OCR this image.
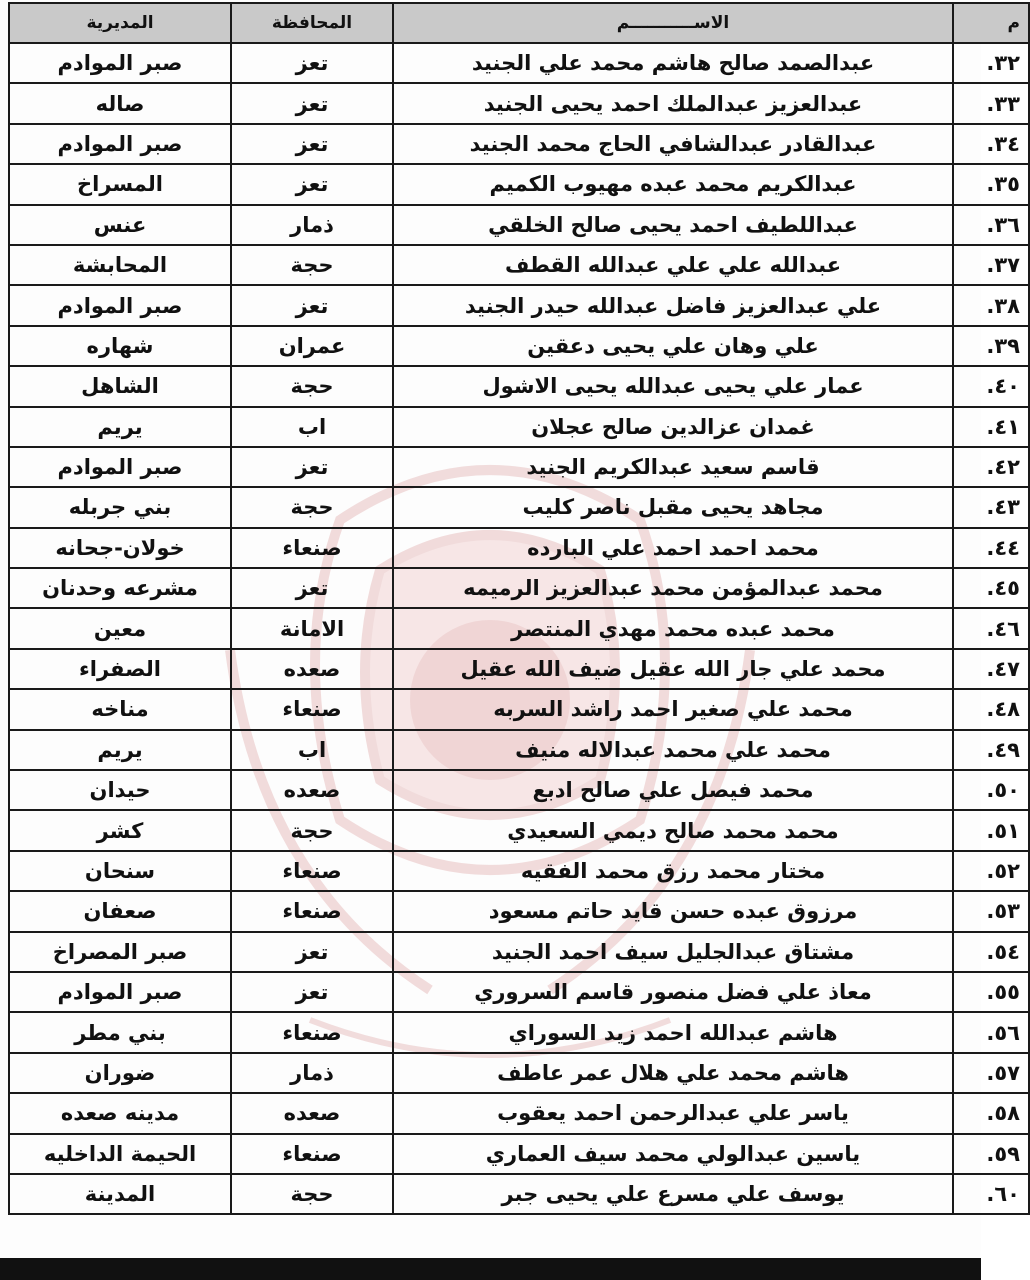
م	الاســـــــــــم	المحافظة	المديرية
٣٢.	عبدالصمد صالح هاشم محمد علي الجنيد	تعز	صبر الموادم
٣٣.	عبدالعزيز عبدالملك احمد يحيى الجنيد	تعز	صاله
٣٤.	عبدالقادر عبدالشافي الحاج محمد الجنيد	تعز	صبر الموادم
٣٥.	عبدالكريم محمد عبده مهيوب الكميم	تعز	المسراخ
٣٦.	عبداللطيف احمد يحيى صالح الخلقي	ذمار	عنس
٣٧.	عبدالله علي علي عبدالله القطف	حجة	المحابشة
٣٨.	علي عبدالعزيز فاضل عبدالله حيدر الجنيد	تعز	صبر الموادم
٣٩.	علي وهان علي يحيى دعقين	عمران	شهاره
٤٠.	عمار علي يحيى عبدالله يحيى الاشول	حجة	الشاهل
٤١.	غمدان عزالدين صالح عجلان	اب	يريم
٤٢.	قاسم سعيد عبدالكريم الجنيد	تعز	صبر الموادم
٤٣.	مجاهد يحيى مقبل ناصر كليب	حجة	بني جربله
٤٤.	محمد احمد احمد علي البارده	صنعاء	خولان-جحانه
٤٥.	محمد عبدالمؤمن محمد عبدالعزيز الرميمه	تعز	مشرعه وحدنان
٤٦.	محمد عبده محمد مهدي المنتصر	الامانة	معين
٤٧.	محمد علي جار الله عقيل ضيف الله عقيل	صعده	الصفراء
٤٨.	محمد علي صغير احمد راشد السربه	صنعاء	مناخه
٤٩.	محمد علي محمد عبدالاله منيف	اب	يريم
٥٠.	محمد فيصل علي صالح ادبع	صعده	حيدان
٥١.	محمد محمد صالح ديمي السعيدي	حجة	كشر
٥٢.	مختار محمد رزق محمد الفقيه	صنعاء	سنحان
٥٣.	مرزوق عبده حسن قايد حاتم مسعود	صنعاء	صعفان
٥٤.	مشتاق عبدالجليل سيف احمد الجنيد	تعز	صبر المصراخ
٥٥.	معاذ علي فضل منصور قاسم السروري	تعز	صبر الموادم
٥٦.	هاشم عبدالله احمد زيد السوراي	صنعاء	بني مطر
٥٧.	هاشم محمد علي هلال عمر عاطف	ذمار	ضوران
٥٨.	ياسر علي عبدالرحمن احمد يعقوب	صعده	مدينه صعده
٥٩.	ياسين عبدالولي محمد سيف العماري	صنعاء	الحيمة الداخليه
٦٠.	يوسف علي مسرع علي يحيى جبر	حجة	المدينة
